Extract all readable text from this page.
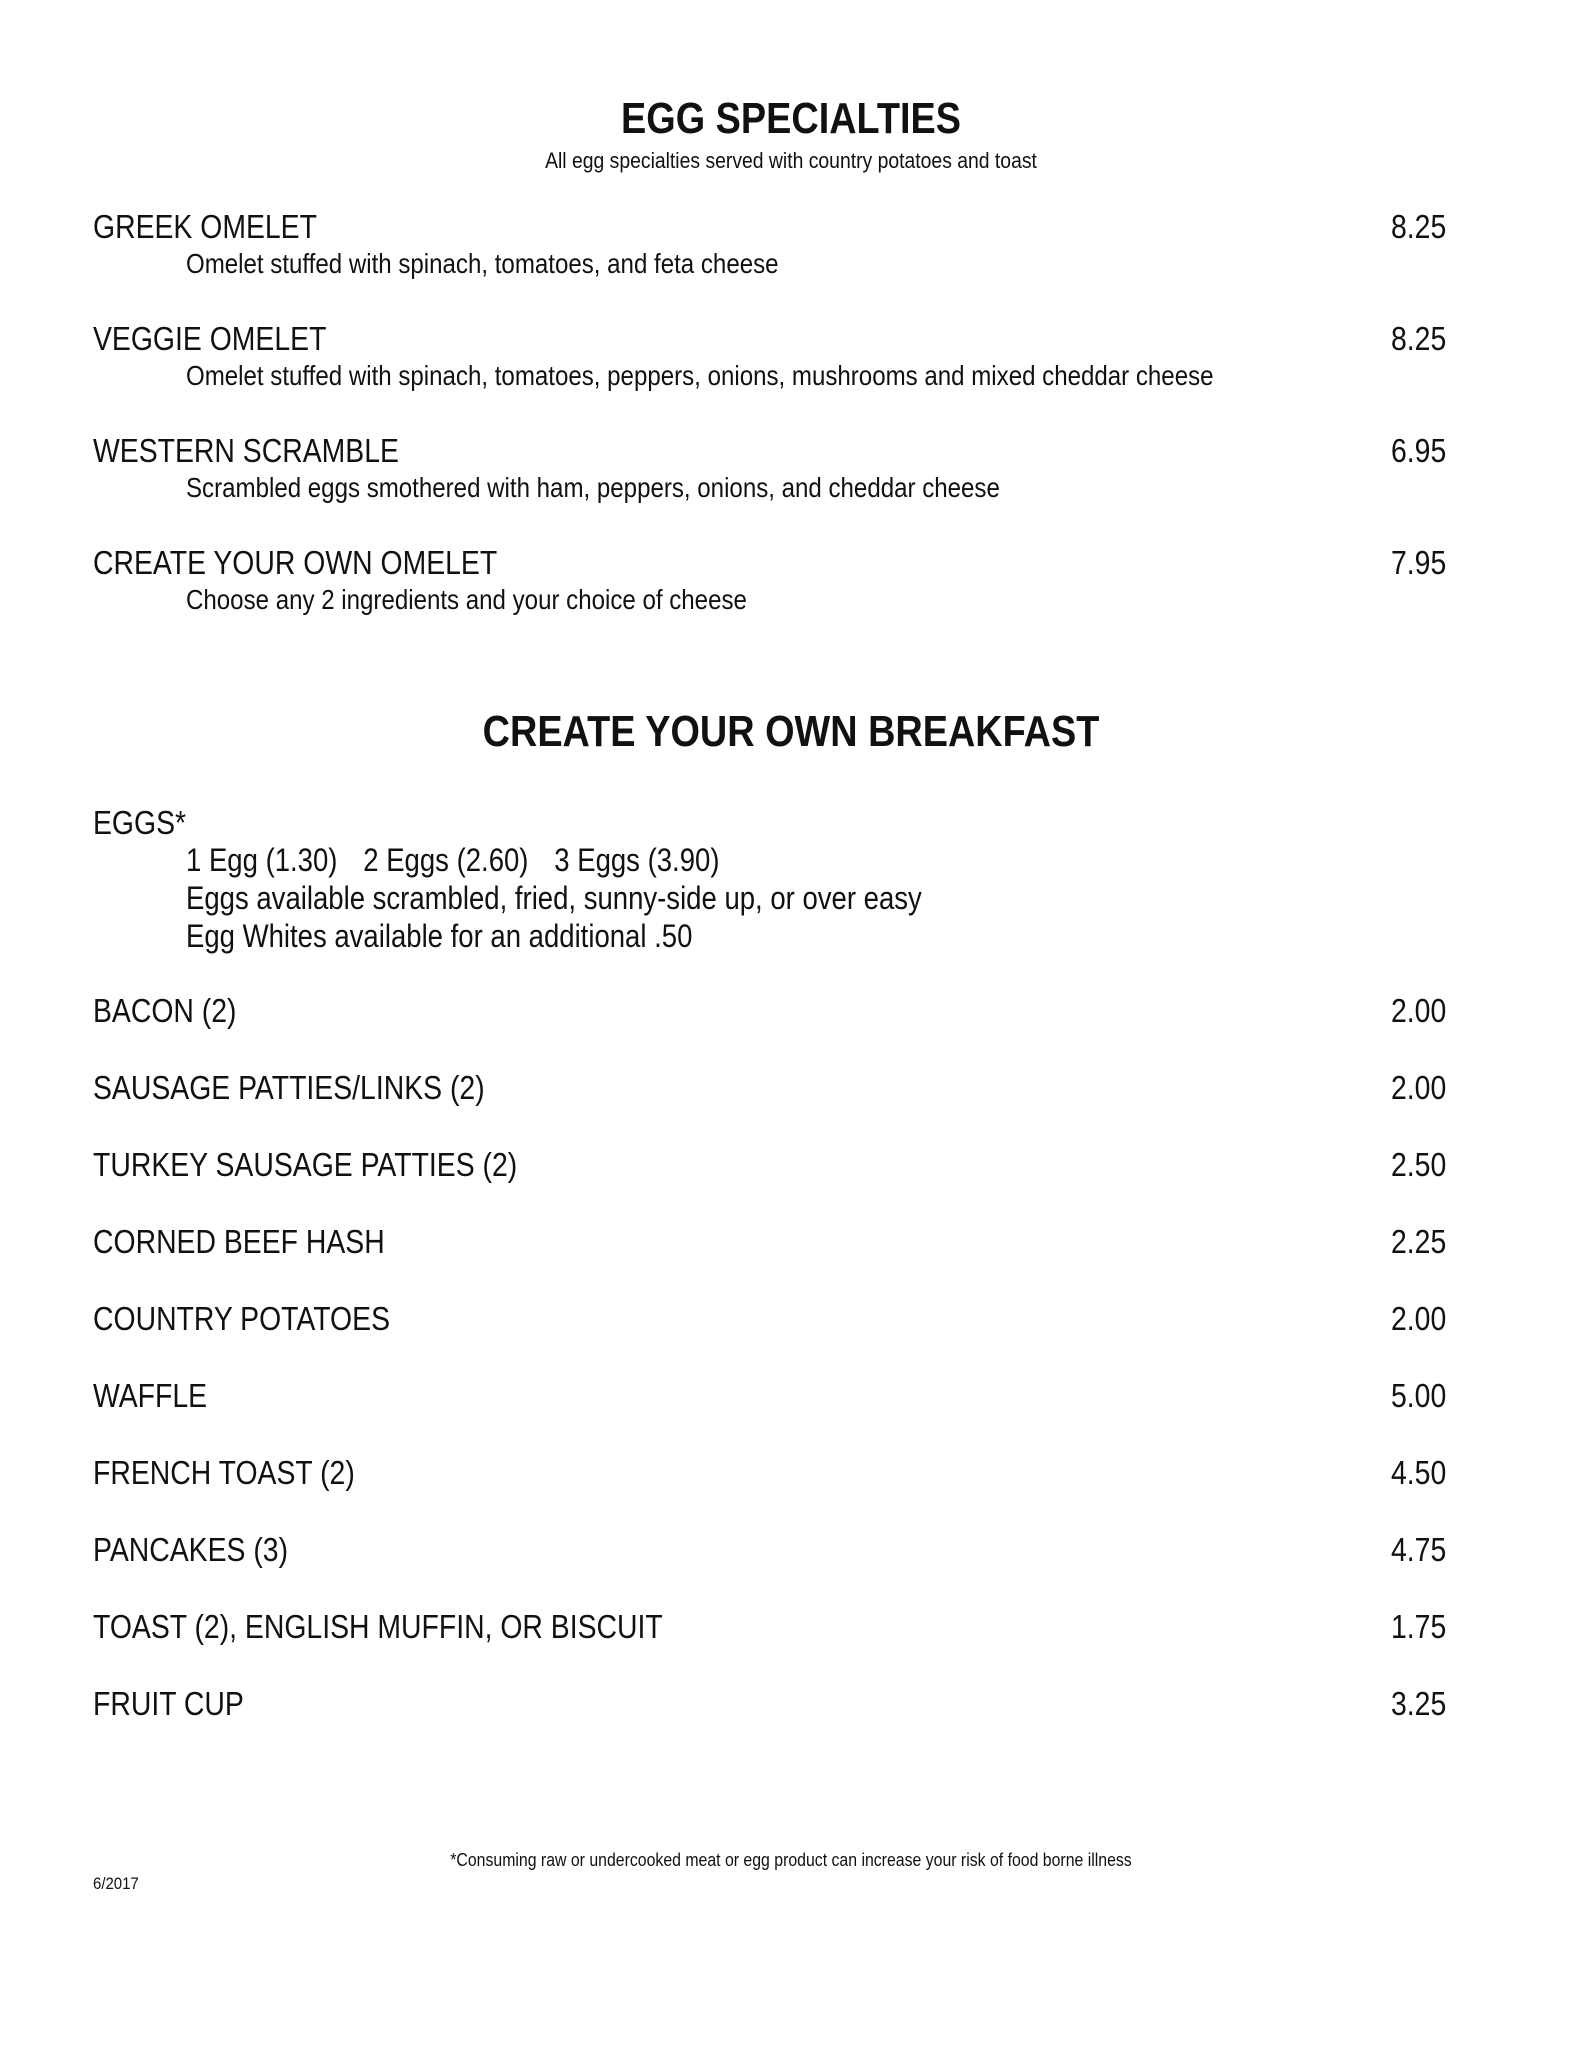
EGG SPECIALTIES
All egg specialties served with country potatoes and toast
GREEK OMELET	8.25
Omelet stuffed with spinach, tomatoes, and feta cheese
VEGGIE OMELET	8.25
Omelet stuffed with spinach, tomatoes, peppers, onions, mushrooms and mixed cheddar cheese
WESTERN SCRAMBLE	6.95
Scrambled eggs smothered with ham, peppers, onions, and cheddar cheese
CREATE YOUR OWN OMELET	7.95
Choose any 2 ingredients and your choice of cheese
CREATE YOUR OWN BREAKFAST
EGGS*
1 Egg (1.30) 2 Eggs (2.60) 3 Eggs (3.90)
Eggs available scrambled, fried, sunny-side up, or over easy
Egg Whites available for an additional .50
BACON (2)	2.00
SAUSAGE PATTIES/LINKS (2)	2.00
TURKEY SAUSAGE PATTIES (2)	2.50
CORNED BEEF HASH	2.25
COUNTRY POTATOES	2.00
WAFFLE	5.00
FRENCH TOAST (2)	4.50
PANCAKES (3)	4.75
TOAST (2), ENGLISH MUFFIN, OR BISCUIT	1.75
FRUIT CUP	3.25
*Consuming raw or undercooked meat or egg product can increase your risk of food borne illness
6/2017
